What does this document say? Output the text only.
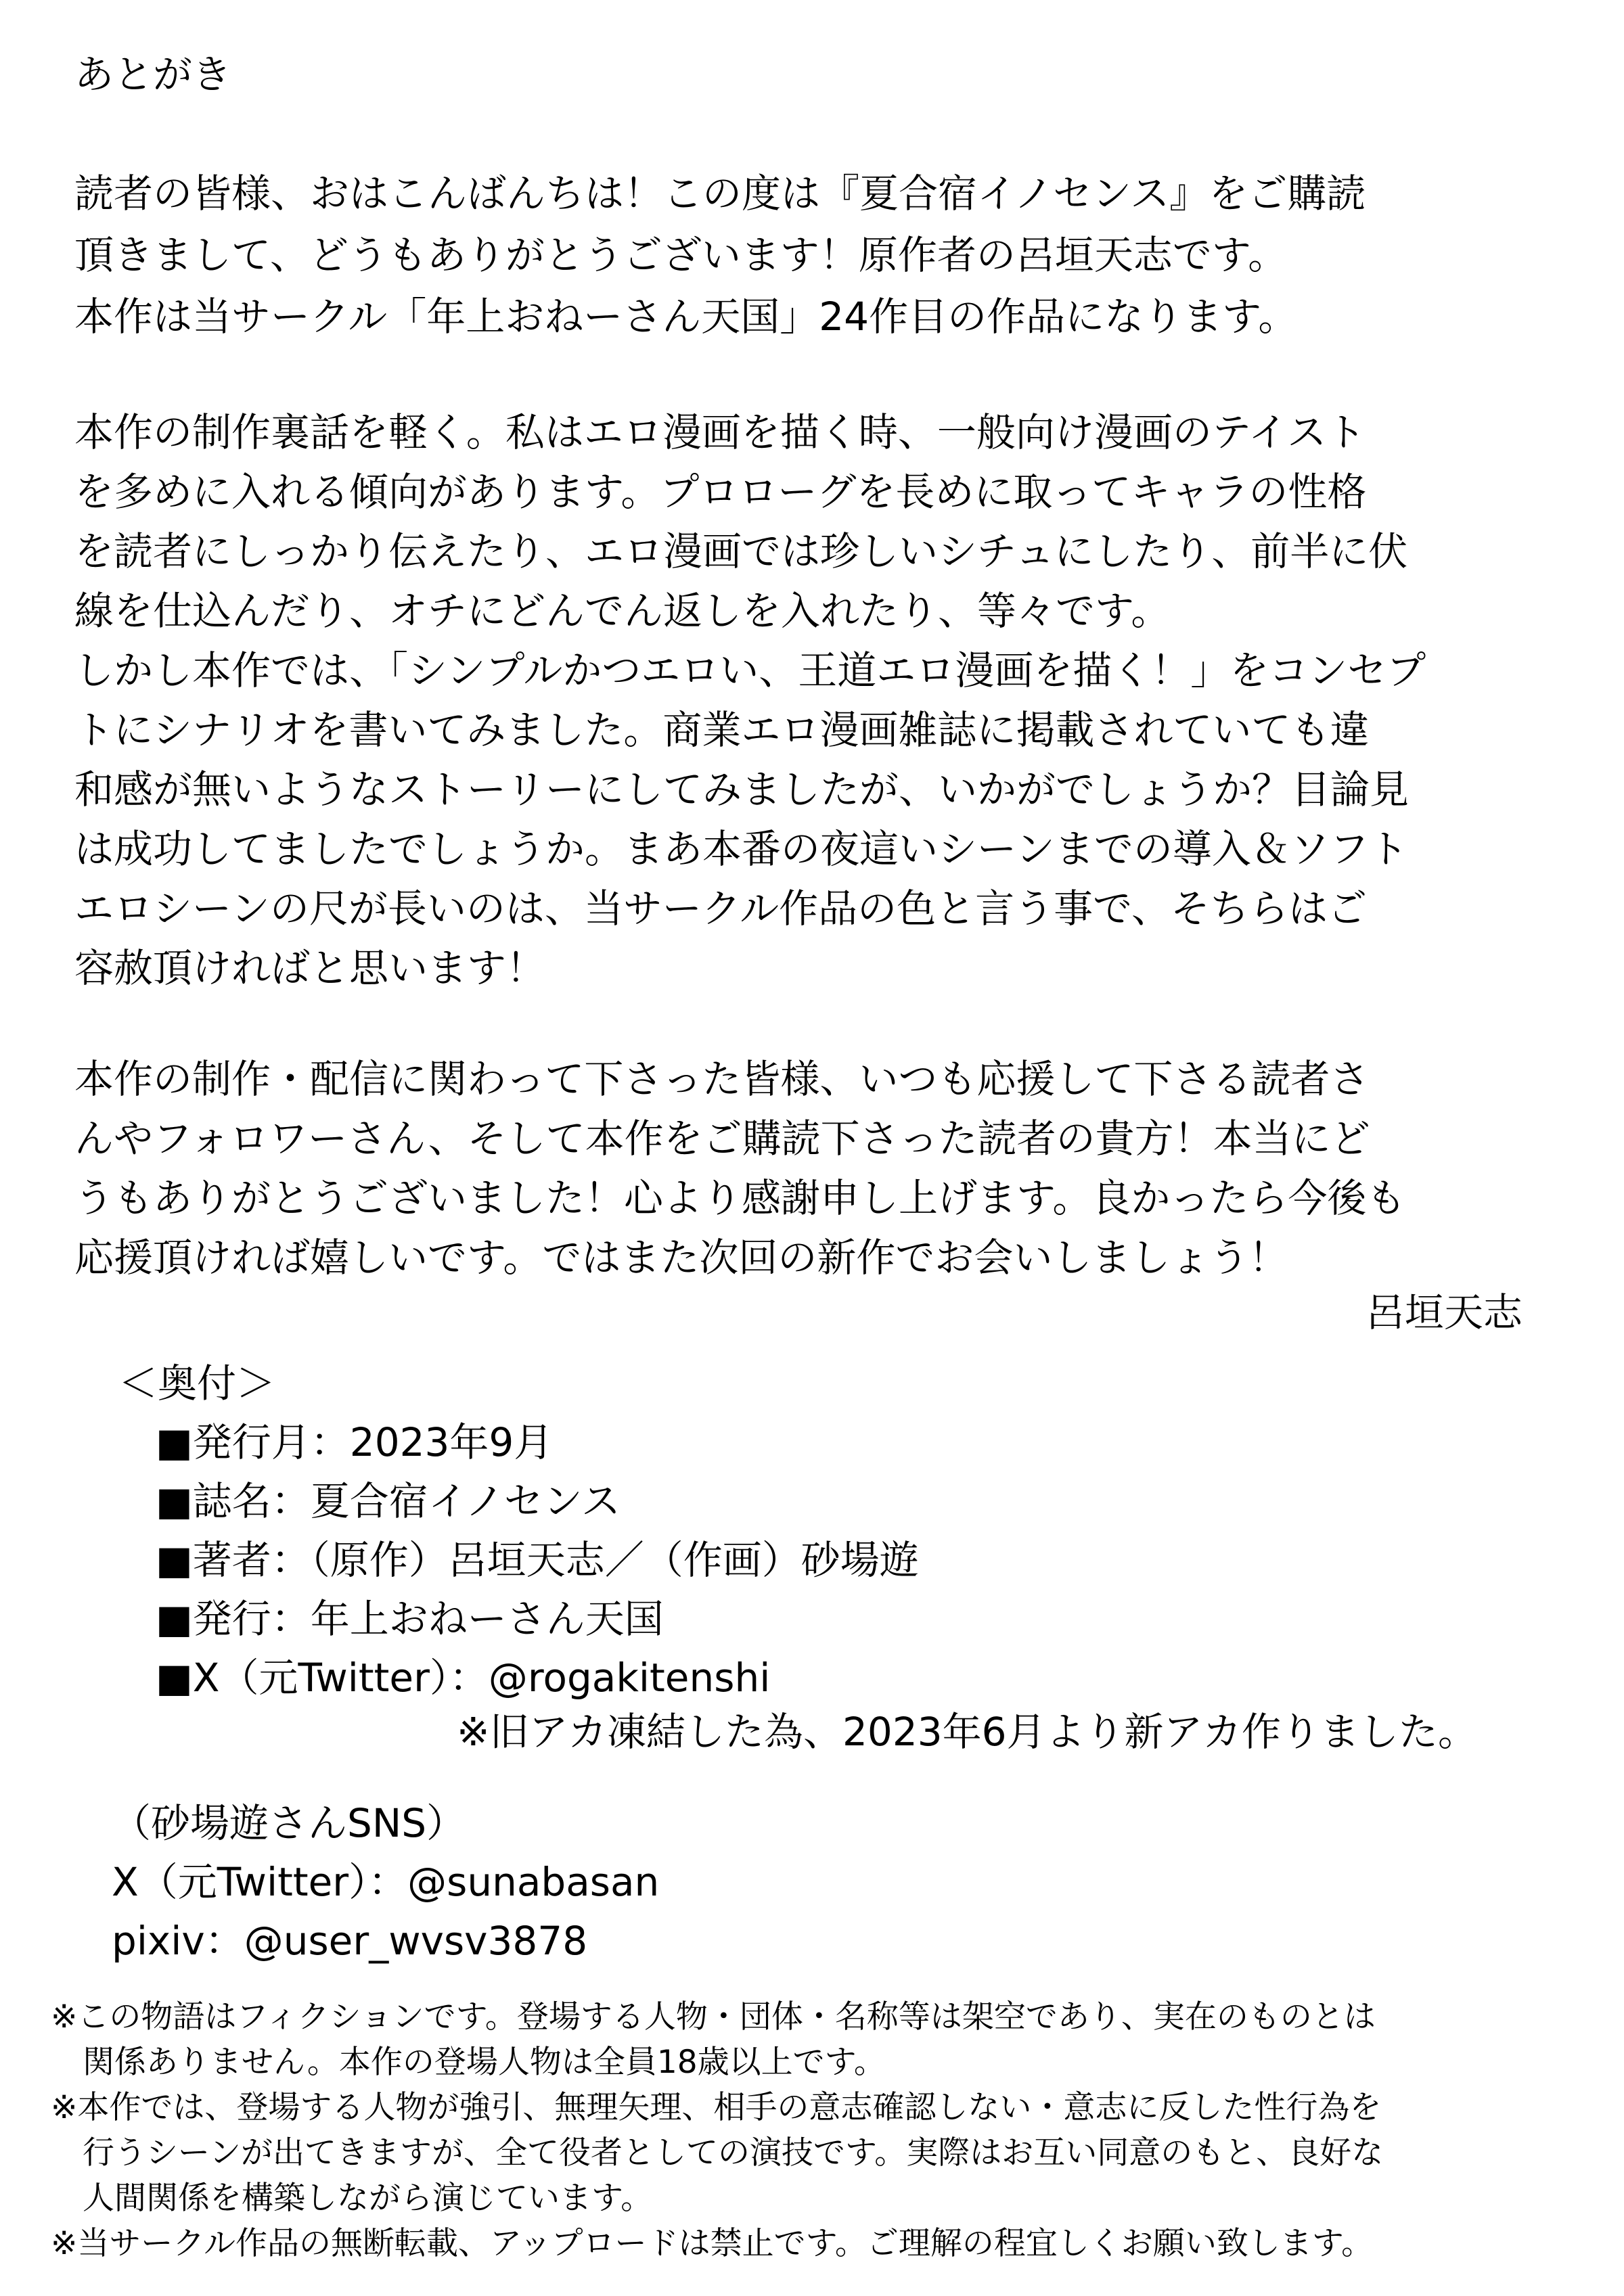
あとがき
読者の皆様、おはこんばんちは！この度は『夏合宿イノセンス』をご購読
頂きまして、どうもありがとうございます！原作者の呂垣天志です。
本作は当サークル「年上おねーさん天国」24作目の作品になります。
本作の制作裏話を軽く。私はエロ漫画を描く時、一般向け漫画のテイスト
を多めに入れる傾向があります。プロローグを長めに取ってキャラの性格
を読者にしっかり伝えたり、エロ漫画では珍しいシチュにしたり、前半に伏
線を仕込んだり、オチにどんでん返しを入れたり、等々です。
しかし本作では、「シンプルかつエロい、王道エロ漫画を描く！」をコンセプ
トにシナリオを書いてみました。商業エロ漫画雑誌に掲載されていても違
和感が無いようなストーリーにしてみましたが、いかがでしょうか？目論見
は成功してましたでしょうか。まあ本番の夜這いシーンまでの導入＆ソフト
エロシーンの尺が長いのは、当サークル作品の色と言う事で、そちらはご
容赦頂ければと思います！
本作の制作・配信に関わって下さった皆様、いつも応援して下さる読者さ
んやフォロワーさん、そして本作をご購読下さった読者の貴方！本当にど
うもありがとうございました！心より感謝申し上げます。良かったら今後も
応援頂ければ嬉しいです。ではまた次回の新作でお会いしましょう！
呂垣天志
＜奥付＞
■発行月：2023年9月
■誌名：夏合宿イノセンス
■著者：（原作）呂垣天志／（作画）砂場遊
■発行：年上おねーさん天国
■X（元Twitter）：@rogakitenshi
※旧アカ凍結した為、2023年6月より新アカ作りました。
（砂場遊さんSNS）
X（元Twitter）：@sunabasan
pixiv：@user_wvsv3878
※この物語はフィクションです。登場する人物・団体・名称等は架空であり、実在のものとは
　関係ありません。本作の登場人物は全員18歳以上です。
※本作では、登場する人物が強引、無理矢理、相手の意志確認しない・意志に反した性行為を
　行うシーンが出てきますが、全て役者としての演技です。実際はお互い同意のもと、良好な
　人間関係を構築しながら演じています。
※当サークル作品の無断転載、アップロードは禁止です。ご理解の程宜しくお願い致します。
